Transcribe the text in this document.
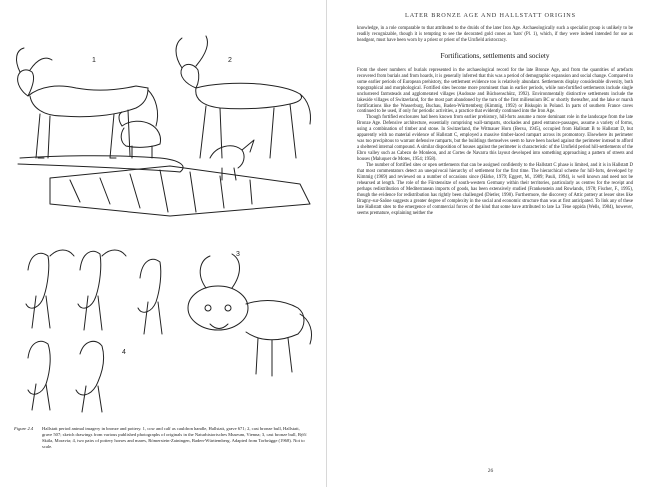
1	2
3
4
Figure 2.4 Hallstatt period animal imagery in bronze and pottery. 1, cow and calf as cauldron handle, Hallstatt, grave 671; 2, cast bronze bull, Hallstatt, grave 507; sketch drawings from various published photographs of originals in the Naturhistorisches Museum, Vienna; 3, cast bronze bull, Býčí Skála, Moravia; 4, two pairs of pottery horses and mares, Römerstein-Zainingen, Baden-Württemberg. Adapted from Torbrügge (1968). Not to scale.
LATER BRONZE AGE AND HALLSTATT ORIGINS

knowledge, in a role comparable to that attributed to the druids of the later Iron Age. Archaeologically such a specialist group is unlikely to be readily recognizable, though it is tempting to see the decorated gold cones as 'hats' (Pl. 1), which, if they were indeed intended for use as headgear, must have been worn by a priest or priest of the Urnfield aristocracy.

Fortifications, settlements and society

From the sheer numbers of burials represented in the archaeological record for the late Bronze Age, and from the quantities of artefacts recovered from burials and from hoards, it is generally inferred that this was a period of demographic expansion and social change. Compared to some earlier periods of European prehistory, the settlement evidence too is relatively abundant. Settlements display considerable diversity, both topographical and morphological. Fortified sites become more prominent than in earlier periods, while non-fortified settlements include single unclustered farmsteads and agglomerated villages (Audouze and Büchsenschütz, 1992). Environmentally distinctive settlements include the lakeside villages of Switzerland, for the most part abandoned by the turn of the first millennium BC or shortly thereafter, and the lake or marsh fortifications like the Wasserburg, Buchau, Baden-Württemberg (Kimmig, 1992) or Biskupin in Poland. In parts of southern France caves continued to be used, if only for periodic activities, a practice that evidently continued into the Iron Age.

Though fortified enclosures had been known from earlier prehistory, hill-forts assume a more dominant role in the landscape from the late Bronze Age. Defensive architecture, essentially comprising wall-ramparts, stockades and gated entrance-passages, assume a variety of forms, using a combination of timber and stone. In Switzerland, the Wittnauer Horn (Bersu, 1945), occupied from Hallstatt B to Hallstatt D, but apparently with no material evidence of Hallstatt C, employed a massive timber-laced rampart across its promontory. Elsewhere its perimeter was too precipitous to warrant defensive ramparts, but the buildings themselves seem to have been backed against the perimeter instead to afford a sheltered internal compound. A similar disposition of houses against the perimeter is characteristic of the Urnfield period hill-settlements of the Ebro valley such as Cabezo de Monleon, and at Cortes de Navarra this layout developed into something approaching a pattern of streets and houses (Maluquer de Motes, 1954; 1958).

The number of fortified sites or open settlements that can be assigned confidently to the Hallstatt C phase is limited, and it is in Hallstatt D that most commentators detect an unequivocal hierarchy of settlement for the first time. The hierarchical scheme for hill-forts, developed by Kimmig (1969) and reviewed on a number of occasions since (Härke, 1979; Eggert, M., 1989; Pauli, 1994), is well known and need not be rehearsed at length. The role of the Fürstensitze of south-western Germany within their territories, particularly as centres for the receipt and perhaps redistribution of Mediterranean imports of goods, has been extensively studied (Frankenstein and Rowlands, 1978; Fischer, F., 1995), though the evidence for redistribution has rightly been challenged (Dietler, 1990). Furthermore, the discovery of Attic pottery at lesser sites like Bragny-sur-Saône suggests a greater degree of complexity in the social and economic structure than was at first anticipated. To link any of these late Hallstatt sites to the emergence of commercial forces of the kind that some have attributed to late La Tène oppida (Wells, 1984), however, seems premature, explaining neither the

26
